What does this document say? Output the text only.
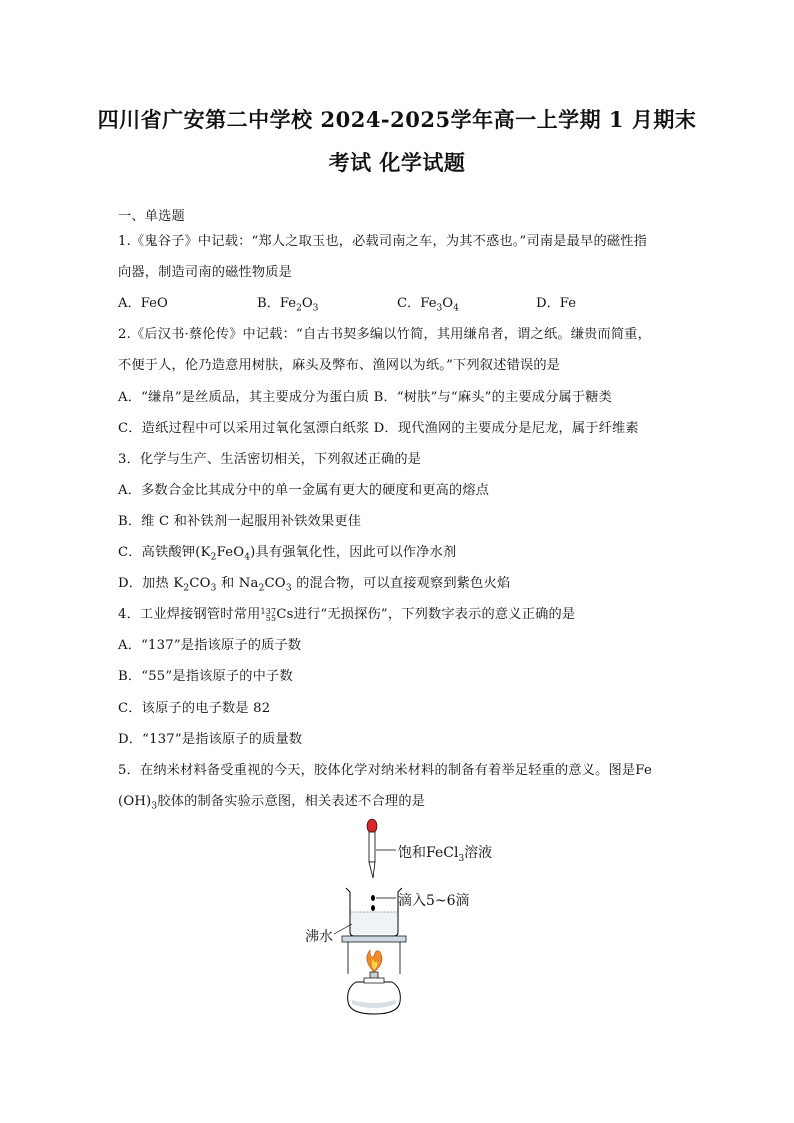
四川省广安第二中学校 2024-2025学年高一上学期 1 月期末
考试 化学试题
一、单选题
1.《鬼谷子》中记载：“郑人之取玉也，必载司南之车，为其不惑也。”司南是最早的磁性指
向器，制造司南的磁性物质是
A．FeO	B．$Fe_2O_3$	C．$Fe_3O_4$	D．Fe
2.《后汉书·蔡伦传》中记载：“自古书契多编以竹简，其用缣帛者，谓之纸。缣贵而简重，
不便于人，伦乃造意用树肤，麻头及弊布、渔网以为纸。”下列叙述错误的是
A．“缣帛”是丝质品，其主要成分为蛋白质 B．“树肤”与“麻头”的主要成分属于糖类
C．造纸过程中可以采用过氧化氢漂白纸浆 D．现代渔网的主要成分是尼龙，属于纤维素
3．化学与生产、生活密切相关，下列叙述正确的是
A．多数合金比其成分中的单一金属有更大的硬度和更高的熔点
B．维 C 和补铁剂一起服用补铁效果更佳
C．高铁酸钾$(K_2FeO_4)$具有强氧化性，因此可以作净水剂
D．加热 $K_2CO_3$ 和 $Na_2CO_3$ 的混合物，可以直接观察到紫色火焰
4．工业焊接钢管时常用 137
55 Cs进行“无损探伤”，下列数字表示的意义正确的是
A．“137”是指该原子的质子数
B．“55”是指该原子的中子数
C．该原子的电子数是 82
D．“137”是指该原子的质量数
5．在纳米材料备受重视的今天，胶体化学对纳米材料的制备有着举足轻重的意义。图是Fe
$(OH)_3$胶体的制备实验示意图，相关表述不合理的是
饱和FeCl$_3$溶液
滴入5~6滴
沸水
